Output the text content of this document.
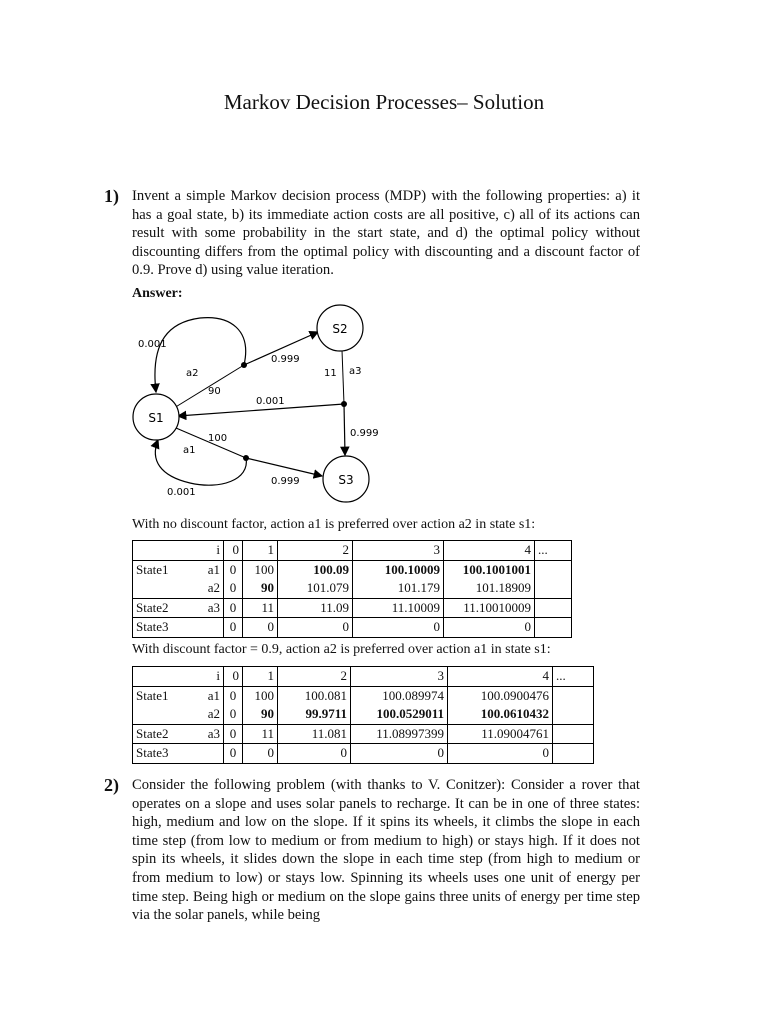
Markov Decision Processes– Solution
1) Invent a simple Markov decision process (MDP) with the following properties: a) it has a goal state, b) its immediate action costs are all positive, c) all of its actions can result with some probability in the start state, and d) the optimal policy without discounting differs from the optimal policy with discounting and a discount factor of 0.9. Prove d) using value iteration.
Answer:
S1
S2
S3
0.001
a2
90
0.999
11 a3
0.001
100
a1
0.999
0.999
0.001
With no discount factor, action a1 is preferred over action a2 in state s1:
	i	0	1	2	3	4	...
State1	a1	0	100	100.09	100.10009	100.1001001	
	a2	0	90	101.079	101.179	101.18909	
State2	a3	0	11	11.09	11.10009	11.10010009	
State3		0	0	0	0	0	
With discount factor = 0.9, action a2 is preferred over action a1 in state s1:
	i	0	1	2	3	4	...
State1	a1	0	100	100.081	100.089974	100.0900476	
	a2	0	90	99.9711	100.0529011	100.0610432	
State2	a3	0	11	11.081	11.08997399	11.09004761	
State3		0	0	0	0	0	
2) Consider the following problem (with thanks to V. Conitzer): Consider a rover that operates on a slope and uses solar panels to recharge. It can be in one of three states: high, medium and low on the slope. If it spins its wheels, it climbs the slope in each time step (from low to medium or from medium to high) or stays high. If it does not spin its wheels, it slides down the slope in each time step (from high to medium or from medium to low) or stays low. Spinning its wheels uses one unit of energy per time step. Being high or medium on the slope gains three units of energy per time step via the solar panels, while being
